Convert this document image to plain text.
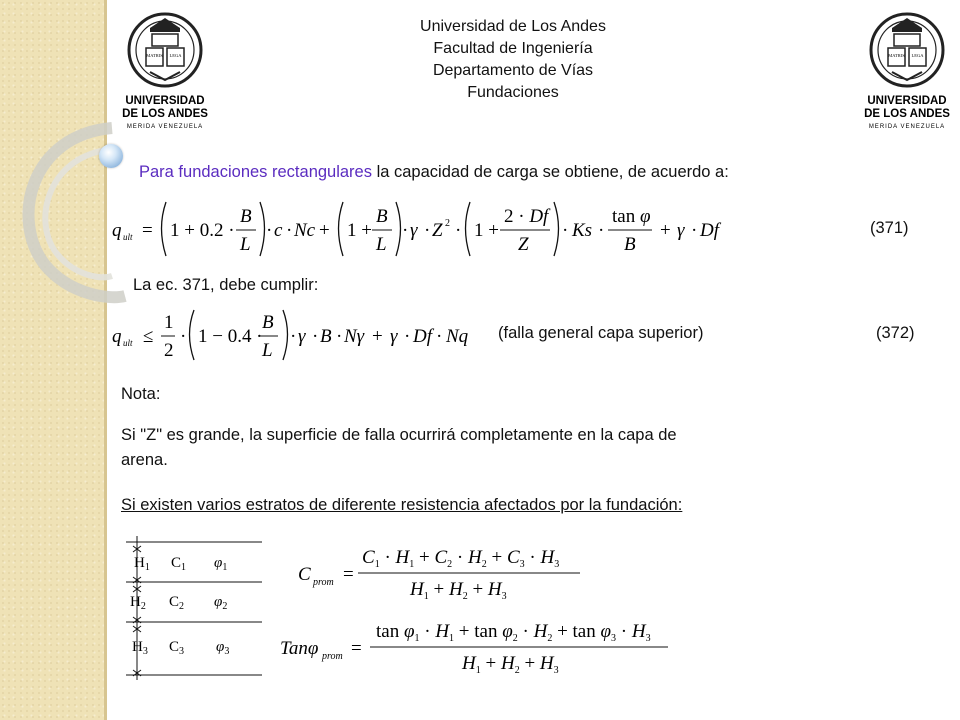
MATRIS LEGA
UNIVERSIDAD
DE LOS ANDES
MERIDA VENEZUELA
MATRIS LEGA
UNIVERSIDAD
DE LOS ANDES
MERIDA VENEZUELA
Universidad de Los Andes
Facultad de Ingeniería
Departamento de Vías
Fundaciones
Para fundaciones rectangulares la capacidad de carga se obtiene, de acuerdo a:
q ult = 1 + 0.2 ·
B
L
· c · Nc + 1 +
B
L
· γ · Z 2 · 1 +
2 · Df
Z
· Ks ·
tan φ
B
+ γ · Df	(371)
La ec. 371, debe cumplir:
q ult ≤
1
2
· 1 − 0.4 ·
B
L
· γ · B · Nγ + γ · Df · Nq (falla general capa superior)	(372)
Nota:
Si "Z" es grande, la superficie de falla ocurrirá completamente en la capa de
arena.
Si existen varios estratos de diferente resistencia afectados por la fundación:
$H_1$ $C_1$ $\varphi_1$
$H_2$ $C_2$ $\varphi_2$
$H_3$ $C_3$ $\varphi_3$
C prom =
$C_1 \cdot H_1 + C_2 \cdot H_2 + C_3 \cdot H_3$
$H_1 + H_2 + H_3$
Tanφ prom =
$\tan \varphi_1 \cdot H_1 + \tan \varphi_2 \cdot H_2 + \tan \varphi_3 \cdot H_3$
$H_1 + H_2 + H_3$
